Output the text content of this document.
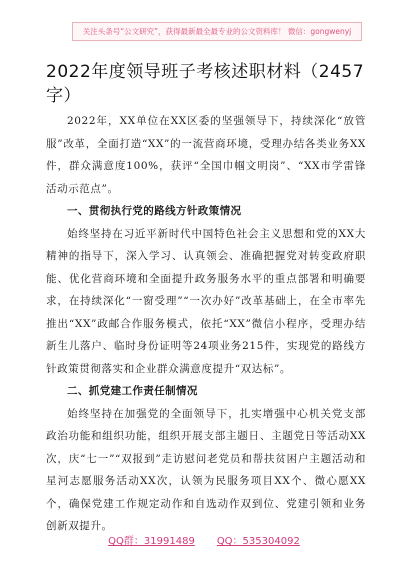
关注头条号“公文研究”，获得最新最全最专业的公文资料库！ 微信：gongwenyj
2022年度领导班子考核述职材料（2457字）

2022年，XX单位在XX区委的坚强领导下，持续深化“放管服”改革，全面打造“XX”的一流营商环境，受理办结各类业务XX件，群众满意度100%，获评“全国巾帼文明岗”、“XX市学雷锋活动示范点”。

一、贯彻执行党的路线方针政策情况

始终坚持在习近平新时代中国特色社会主义思想和党的XX大精神的指导下，深入学习、认真领会、准确把握党对转变政府职能、优化营商环境和全面提升政务服务水平的重点部署和明确要求，在持续深化“一窗受理”“一次办好”改革基础上，在全市率先推出“XX”政邮合作服务模式，依托“XX”微信小程序，受理办结新生儿落户、临时身份证明等24项业务215件，实现党的路线方针政策贯彻落实和企业群众满意度提升“双达标”。

二、抓党建工作责任制情况

始终坚持在加强党的全面领导下，扎实增强中心机关党支部政治功能和组织功能，组织开展支部主题日、主题党日等活动XX次，庆“七一”“双报到”走访慰问老党员和帮扶贫困户主题活动和星河志愿服务活动XX次，认领为民服务项目XX个、微心愿XX个，确保党建工作规定动作和自选动作双到位、党建引领和业务创新双提升。

QQ群：31991489 QQ：535304092
